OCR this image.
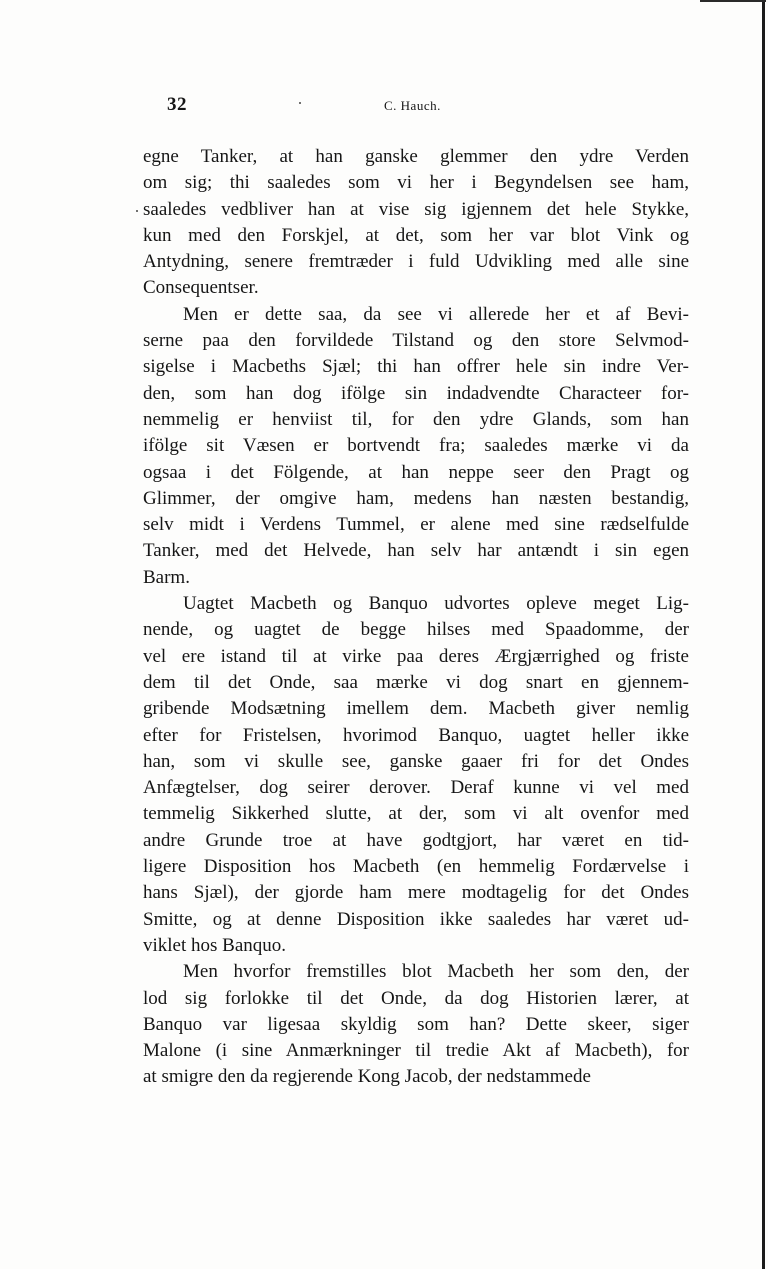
32	C. Hauch.
egne Tanker, at han ganske glemmer den ydre Verden
om sig; thi saaledes som vi her i Begyndelsen see ham,
saaledes vedbliver han at vise sig igjennem det hele Stykke,
kun med den Forskjel, at det, som her var blot Vink og
Antydning, senere fremtræder i fuld Udvikling med alle sine
Consequentser.
Men er dette saa, da see vi allerede her et af Bevi-
serne paa den forvildede Tilstand og den store Selvmod-
sigelse i Macbeths Sjæl; thi han offrer hele sin indre Ver-
den, som han dog ifölge sin indadvendte Characteer for-
nemmelig er henviist til, for den ydre Glands, som han
ifölge sit Væsen er bortvendt fra; saaledes mærke vi da
ogsaa i det Fölgende, at han neppe seer den Pragt og
Glimmer, der omgive ham, medens han næsten bestandig,
selv midt i Verdens Tummel, er alene med sine rædselfulde
Tanker, med det Helvede, han selv har antændt i sin egen
Barm.
Uagtet Macbeth og Banquo udvortes opleve meget Lig-
nende, og uagtet de begge hilses med Spaadomme, der
vel ere istand til at virke paa deres Ærgjærrighed og friste
dem til det Onde, saa mærke vi dog snart en gjennem-
gribende Modsætning imellem dem. Macbeth giver nemlig
efter for Fristelsen, hvorimod Banquo, uagtet heller ikke
han, som vi skulle see, ganske gaaer fri for det Ondes
Anfægtelser, dog seirer derover. Deraf kunne vi vel med
temmelig Sikkerhed slutte, at der, som vi alt ovenfor med
andre Grunde troe at have godtgjort, har været en tid-
ligere Disposition hos Macbeth (en hemmelig Fordærvelse i
hans Sjæl), der gjorde ham mere modtagelig for det Ondes
Smitte, og at denne Disposition ikke saaledes har været ud-
viklet hos Banquo.
Men hvorfor fremstilles blot Macbeth her som den, der
lod sig forlokke til det Onde, da dog Historien lærer, at
Banquo var ligesaa skyldig som han? Dette skeer, siger
Malone (i sine Anmærkninger til tredie Akt af Macbeth), for
at smigre den da regjerende Kong Jacob, der nedstammede
